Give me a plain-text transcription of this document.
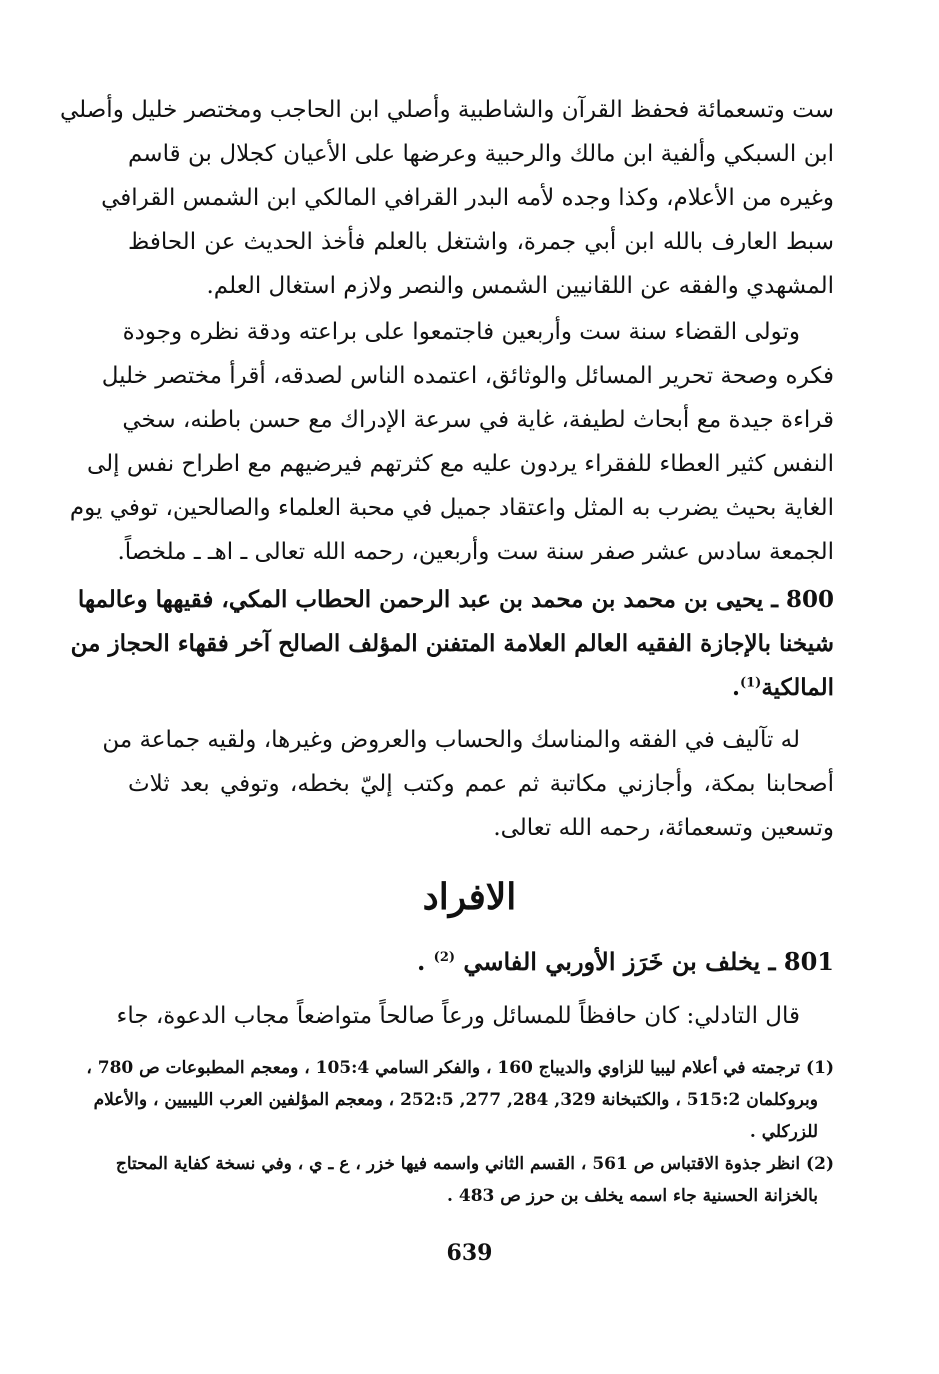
ست وتسعمائة فحفظ القرآن والشاطبية وأصلي ابن الحاجب ومختصر خليل وأصلي
ابن السبكي وألفية ابن مالك والرحبية وعرضها على الأعيان كجلال بن قاسم
وغيره من الأعلام، وكذا وجده لأمه البدر القرافي المالكي ابن الشمس القرافي
سبط العارف بالله ابن أبي جمرة، واشتغل بالعلم فأخذ الحديث عن الحافظ
المشهدي والفقه عن اللقانيين الشمس والنصر ولازم استغال العلم.
وتولى القضاء سنة ست وأربعين فاجتمعوا على براعته ودقة نظره وجودة
فكره وصحة تحرير المسائل والوثائق، اعتمده الناس لصدقه، أقرأ مختصر خليل
قراءة جيدة مع أبحاث لطيفة، غاية في سرعة الإدراك مع حسن باطنه، سخي
النفس كثير العطاء للفقراء يردون عليه مع كثرتهم فيرضيهم مع اطراح نفس إلى
الغاية بحيث يضرب به المثل واعتقاد جميل في محبة العلماء والصالحين، توفي يوم
الجمعة سادس عشر صفر سنة ست وأربعين، رحمه الله تعالى ـ اهـ ـ ملخصاً.
800 ـ يحيى بن محمد بن محمد بن عبد الرحمن الحطاب المكي، فقيهها وعالمها
شيخنا بالإجازة الفقيه العالم العلامة المتفنن المؤلف الصالح آخر فقهاء الحجاز من
المالكية$^{(1)}$.
له تآليف في الفقه والمناسك والحساب والعروض وغيرها، ولقيه جماعة من
أصحابنا بمكة، وأجازني مكاتبة ثم عمم وكتب إليّ بخطه، وتوفي بعد ثلاث
وتسعين وتسعمائة، رحمه الله تعالى.
801 ـ يخلف بن خَرَز الأوربي الفاسي $^{(2)}$ .
قال التادلي: كان حافظاً للمسائل ورعاً صالحاً متواضعاً مجاب الدعوة، جاء
الافراد
(1) ترجمته في أعلام ليبيا للزاوي والديباج 160 ، والفكر السامي 105:4 ، ومعجم المطبوعات ص 780 ،
وبروكلمان 515:2 ، والكتبخانة 329, 284, 277, 252:5 ، ومعجم المؤلفين العرب الليبيين ، والأعلام
للزركلي .
(2) انظر جذوة الاقتباس ص 561 ، القسم الثاني واسمه فيها خزر ، ع ـ ي ، وفي نسخة كفاية المحتاج
بالخزانة الحسنية جاء اسمه يخلف بن حرز ص 483 .
639
